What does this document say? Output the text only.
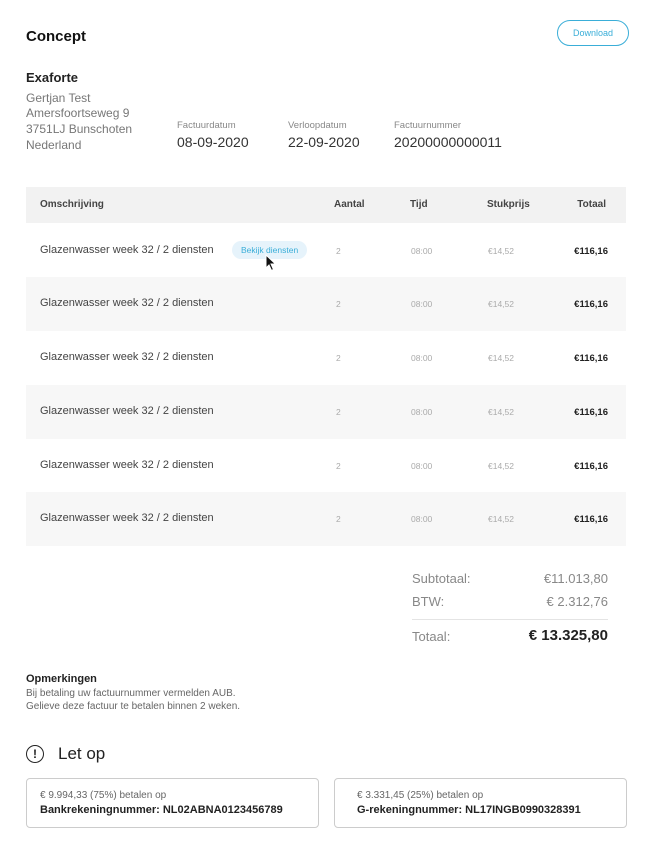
Concept	Download
Exaforte
Gertjan Test
Amersfoortseweg 9
3751LJ Bunschoten
Nederland
Factuurdatum
08-09-2020
Verloopdatum
22-09-2020
Factuurnummer
20200000000011
Omschrijving	Aantal	Tijd	Stukprijs	Totaal
Glazenwasser week 32 / 2 diensten	Bekijk diensten	2	08:00	€14,52	€116,16
Glazenwasser week 32 / 2 diensten	2	08:00	€14,52	€116,16
Glazenwasser week 32 / 2 diensten	2	08:00	€14,52	€116,16
Glazenwasser week 32 / 2 diensten	2	08:00	€14,52	€116,16
Glazenwasser week 32 / 2 diensten	2	08:00	€14,52	€116,16
Glazenwasser week 32 / 2 diensten	2	08:00	€14,52	€116,16
Subtotaal:	€11.013,80
BTW:	€ 2.312,76
Totaal:	€ 13.325,80
Opmerkingen
Bij betaling uw factuurnummer vermelden AUB.
Gelieve deze factuur te betalen binnen 2 weken.
!	Let op
€ 9.994,33 (75%) betalen op
Bankrekeningnummer: NL02ABNA0123456789
€ 3.331,45 (25%) betalen op
G-rekeningnummer: NL17INGB0990328391
